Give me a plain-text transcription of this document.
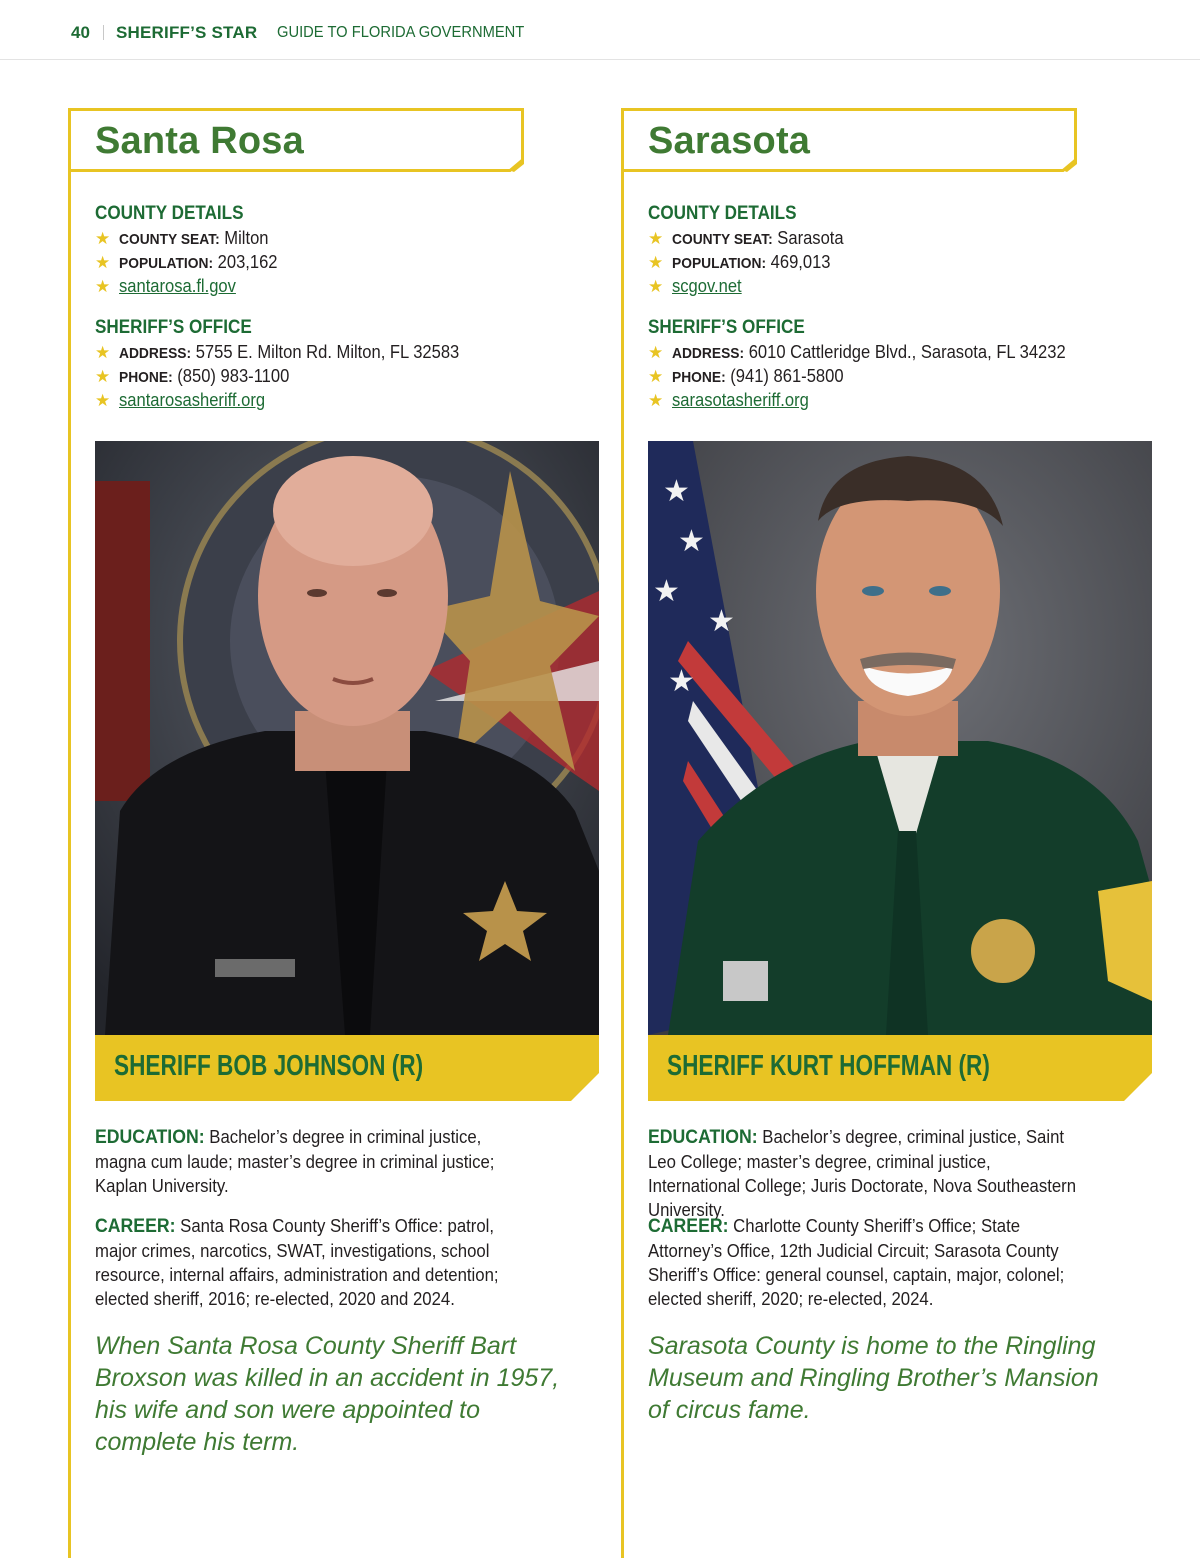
40 SHERIFF’S STAR GUIDE TO FLORIDA GOVERNMENT
Santa Rosa
COUNTY DETAILS
★ COUNTY SEAT: Milton
★ POPULATION: 203,162
★ santarosa.fl.gov
SHERIFF’S OFFICE
★ ADDRESS: 5755 E. Milton Rd. Milton, FL 32583
★ PHONE: (850) 983-1100
★ santarosasheriff.org
SHERIFF BOB JOHNSON (R)
EDUCATION: Bachelor’s degree in criminal justice, magna cum laude; master’s degree in criminal justice; Kaplan University.
CAREER: Santa Rosa County Sheriff’s Office: patrol, major crimes, narcotics, SWAT, investigations, school resource, internal affairs, administration and detention; elected sheriff, 2016; re-elected, 2020 and 2024.
When Santa Rosa County Sheriff Bart Broxson was killed in an accident in 1957, his wife and son were appointed to complete his term.
Sarasota
COUNTY DETAILS
★ COUNTY SEAT: Sarasota
★ POPULATION: 469,013
★ scgov.net
SHERIFF’S OFFICE
★ ADDRESS: 6010 Cattleridge Blvd., Sarasota, FL 34232
★ PHONE: (941) 861-5800
★ sarasotasheriff.org
★
★
★
★
★
SHERIFF KURT HOFFMAN (R)
EDUCATION: Bachelor’s degree, criminal justice, Saint Leo College; master’s degree, criminal justice, International College; Juris Doctorate, Nova Southeastern University.
CAREER: Charlotte County Sheriff’s Office; State Attorney’s Office, 12th Judicial Circuit; Sarasota County Sheriff’s Office: general counsel, captain, major, colonel; elected sheriff, 2020; re-elected, 2024.
Sarasota County is home to the Ringling Museum and Ringling Brother’s Mansion of circus fame.
